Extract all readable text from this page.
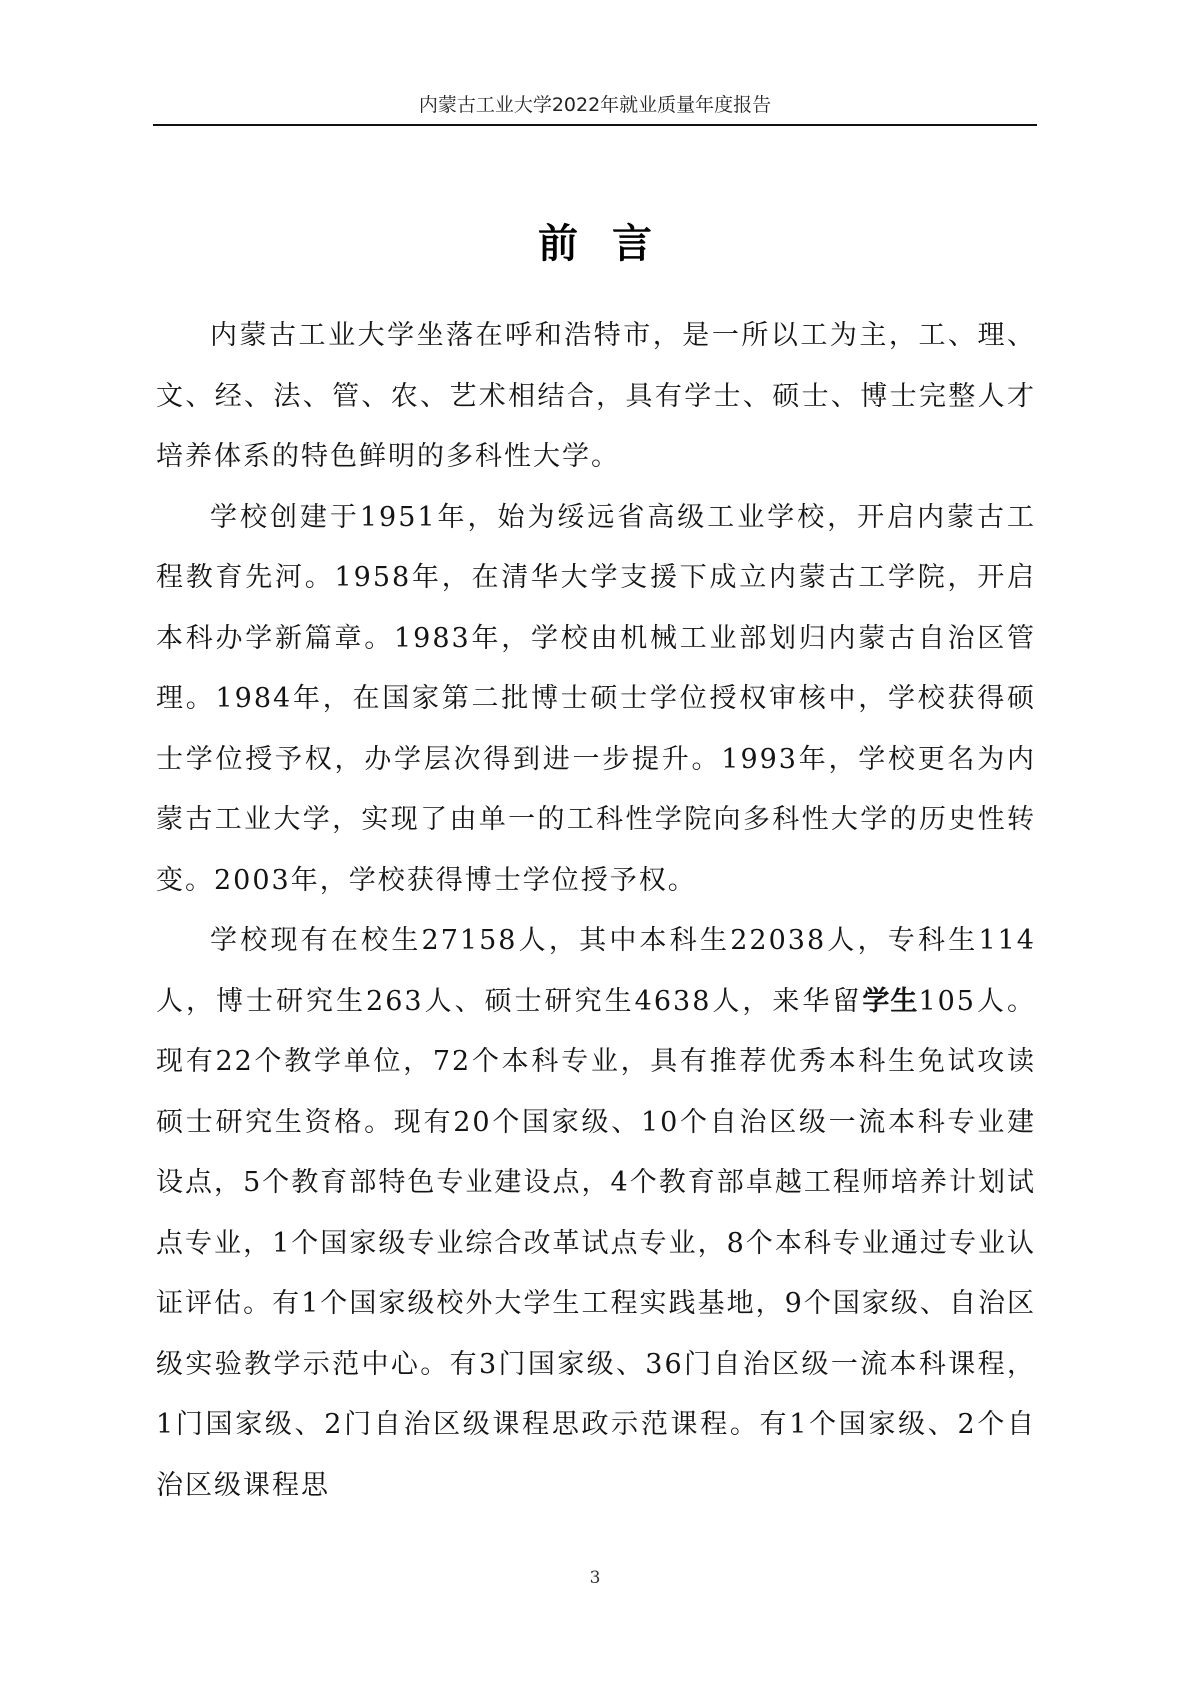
内蒙古工业大学2022年就业质量年度报告
前言

内蒙古工业大学坐落在呼和浩特市，是一所以工为主，工、理、文、经、法、管、农、艺术相结合，具有学士、硕士、博士完整人才培养体系的特色鲜明的多科性大学。

学校创建于1951年，始为绥远省高级工业学校，开启内蒙古工程教育先河。1958年，在清华大学支援下成立内蒙古工学院，开启本科办学新篇章。1983年，学校由机械工业部划归内蒙古自治区管理。1984年，在国家第二批博士硕士学位授权审核中，学校获得硕士学位授予权，办学层次得到进一步提升。1993年，学校更名为内蒙古工业大学，实现了由单一的工科性学院向多科性大学的历史性转变。2003年，学校获得博士学位授予权。

学校现有在校生27158人，其中本科生22038人，专科生114人，博士研究生263人、硕士研究生4638人，来华留学生105人。现有22个教学单位，72个本科专业，具有推荐优秀本科生免试攻读硕士研究生资格。现有20个国家级、10个自治区级一流本科专业建设点，5个教育部特色专业建设点，4个教育部卓越工程师培养计划试点专业，1个国家级专业综合改革试点专业，8个本科专业通过专业认证评估。有1个国家级校外大学生工程实践基地，9个国家级、自治区级实验教学示范中心。有3门国家级、36门自治区级一流本科课程，1门国家级、2门自治区级课程思政示范课程。有1个国家级、2个自治区级课程思

3
